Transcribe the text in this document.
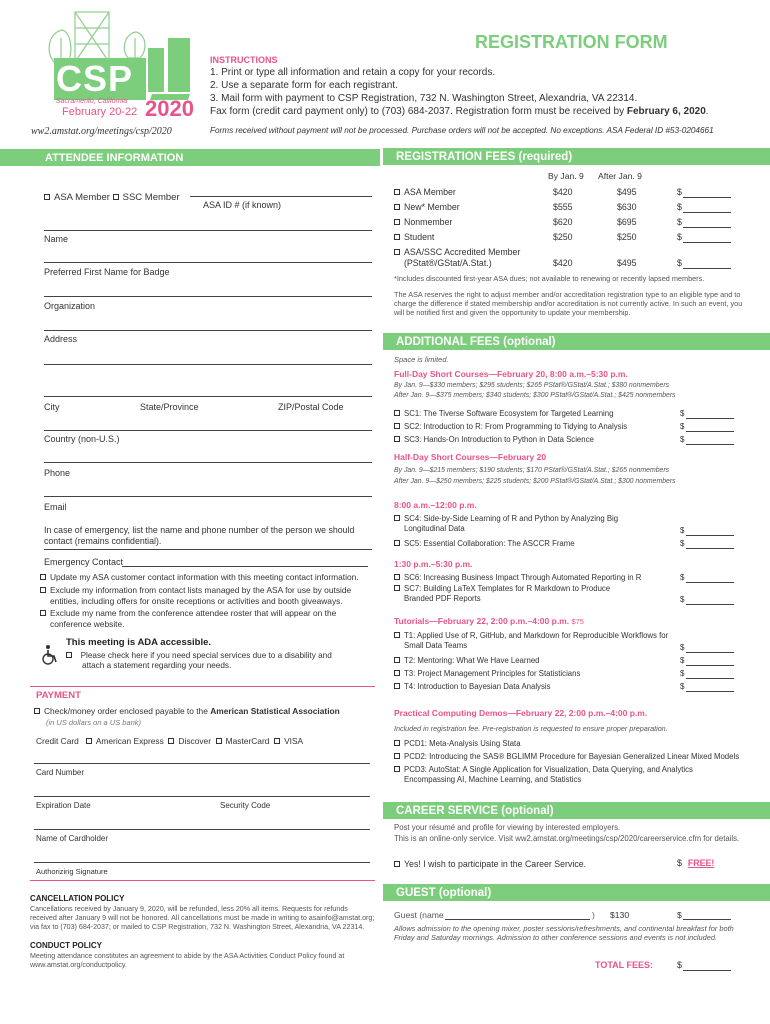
CSP
Sacramento, California
February 20-22 2020
ww2.amstat.org/meetings/csp/2020
REGISTRATION FORM
INSTRUCTIONS
1. Print or type all information and retain a copy for your records.
2. Use a separate form for each registrant.
3. Mail form with payment to CSP Registration, 732 N. Washington Street, Alexandria, VA 22314.
Fax form (credit card payment only) to (703) 684-2037. Registration form must be received by February 6, 2020.
Forms received without payment will not be processed. Purchase orders will not be accepted. No exceptions. ASA Federal ID #53-0204661
ATTENDEE INFORMATION
ASA Member SSC Member
ASA ID # (if known)
Name
Preferred First Name for Badge
Organization
Address
City	State/Province	ZIP/Postal Code
Country (non-U.S.)
Phone
Email
In case of emergency, list the name and phone number of the person we should contact (remains confidential).
Emergency Contact
Update my ASA customer contact information with this meeting contact information.
Exclude my information from contact lists managed by the ASA for use by outside entities, including offers for onsite receptions or activities and booth giveaways.
Exclude my name from the conference attendee roster that will appear on the conference website.
This meeting is ADA accessible.
Please check here if you need special services due to a disability and attach a statement regarding your needs.
PAYMENT
Check/money order enclosed payable to the American Statistical Association
(in US dollars on a US bank)
Credit Card American Express Discover MasterCard VISA
Card Number
Expiration Date	Security Code
Name of Cardholder
Authorizing Signature
CANCELLATION POLICY
Cancellations received by January 9, 2020, will be refunded, less 20% all items. Requests for refunds received after January 9 will not be honored. All cancellations must be made in writing to asainfo@amstat.org; via fax to (703) 684-2037; or mailed to CSP Registration, 732 N. Washington Street, Alexandria, VA 22314.
CONDUCT POLICY
Meeting attendance constitutes an agreement to abide by the ASA Activities Conduct Policy found at www.amstat.org/conductpolicy.
REGISTRATION FEES (required)
By Jan. 9 After Jan. 9
ASA Member	$420	$495	$
New* Member	$555	$630	$
Nonmember	$620	$695	$
Student	$250	$250	$
ASA/SSC Accredited Member
(PStat®/GStat/A.Stat.)	$420	$495	$
*Includes discounted first-year ASA dues; not available to renewing or recently lapsed members.
The ASA reserves the right to adjust member and/or accreditation registration type to an eligible type and to charge the difference if stated membership and/or accreditation is not currently active. In such an event, you will be notified first and given the opportunity to update your membership.
ADDITIONAL FEES (optional)
Space is limited.
Full-Day Short Courses—February 20, 8:00 a.m.–5:30 p.m.
By Jan. 9—$330 members; $295 students; $265 PStat®/GStat/A.Stat.; $380 nonmembers
After Jan. 9—$375 members; $340 students; $300 PStat®/GStat/A.Stat.; $425 nonmembers
SC1: The Tiverse Software Ecosystem for Targeted Learning	$
SC2: Introduction to R: From Programming to Tidying to Analysis	$
SC3: Hands-On Introduction to Python in Data Science	$
Half-Day Short Courses—February 20
By Jan. 9—$215 members; $190 students; $170 PStat®/GStat/A.Stat.; $265 nonmembers
After Jan. 9—$250 members; $225 students; $200 PStat®/GStat/A.Stat.; $300 nonmembers
8:00 a.m.–12:00 p.m.
SC4: Side-by-Side Learning of R and Python by Analyzing Big Longitudinal Data	$
SC5: Essential Collaboration: The ASCCR Frame	$
1:30 p.m.–5:30 p.m.
SC6: Increasing Business Impact Through Automated Reporting in R	$
SC7: Building LaTeX Templates for R Markdown to Produce Branded PDF Reports	$
Tutorials—February 22, 2:00 p.m.–4:00 p.m. $75
T1: Applied Use of R, GitHub, and Markdown for Reproducible Workflows for Small Data Teams	$
T2: Mentoring: What We Have Learned	$
T3: Project Management Principles for Statisticians	$
T4: Introduction to Bayesian Data Analysis	$
Practical Computing Demos—February 22, 2:00 p.m.–4:00 p.m.
Included in registration fee. Pre-registration is requested to ensure proper preparation.
PCD1: Meta-Analysis Using Stata
PCD2: Introducing the SAS® BGLIMM Procedure for Bayesian Generalized Linear Mixed Models
PCD3: AutoStat: A Single Application for Visualization, Data Querying, and Analytics Encompassing AI, Machine Learning, and Statistics
CAREER SERVICE (optional)
Post your résumé and profile for viewing by interested employers.
This is an online-only service. Visit ww2.amstat.org/meetings/csp/2020/careerservice.cfm for details.
Yes! I wish to participate in the Career Service.	$ FREE!
GUEST (optional)
Guest (name	) $130	$
Allows admission to the opening mixer, poster sessions/refreshments, and continental breakfast for both Friday and Saturday mornings. Admission to other conference sessions and events is not included.
TOTAL FEES:	$
